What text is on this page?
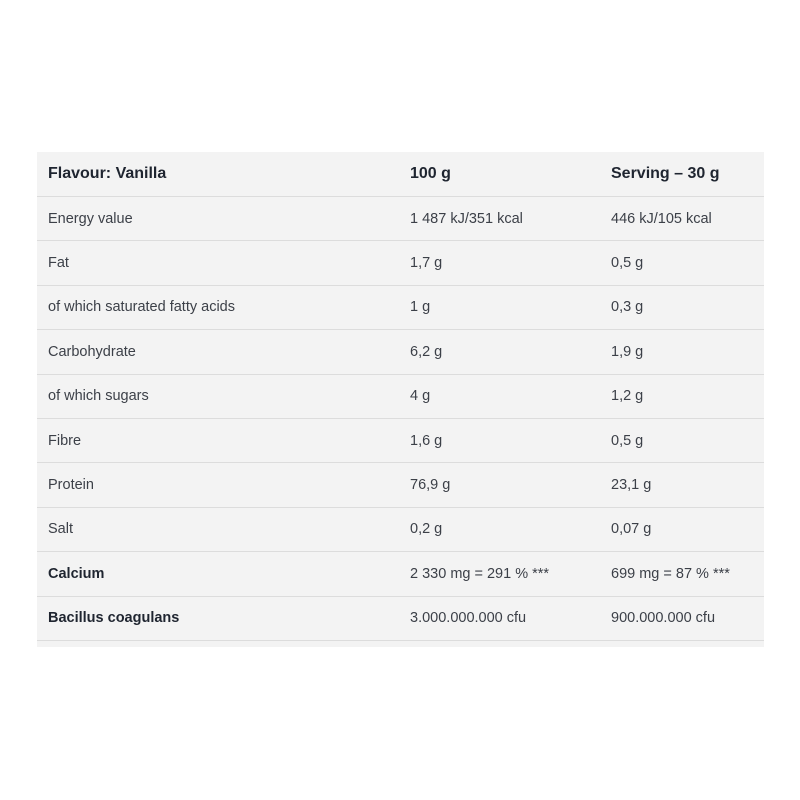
Flavour: Vanilla	100 g	Serving – 30 g
Energy value	1 487 kJ/351 kcal	446 kJ/105 kcal
Fat	1,7 g	0,5 g
of which saturated fatty acids	1 g	0,3 g
Carbohydrate	6,2 g	1,9 g
of which sugars	4 g	1,2 g
Fibre	1,6 g	0,5 g
Protein	76,9 g	23,1 g
Salt	0,2 g	0,07 g
Calcium	2 330 mg = 291 % ***	699 mg = 87 % ***
Bacillus coagulans	3.000.000.000 cfu	900.000.000 cfu
